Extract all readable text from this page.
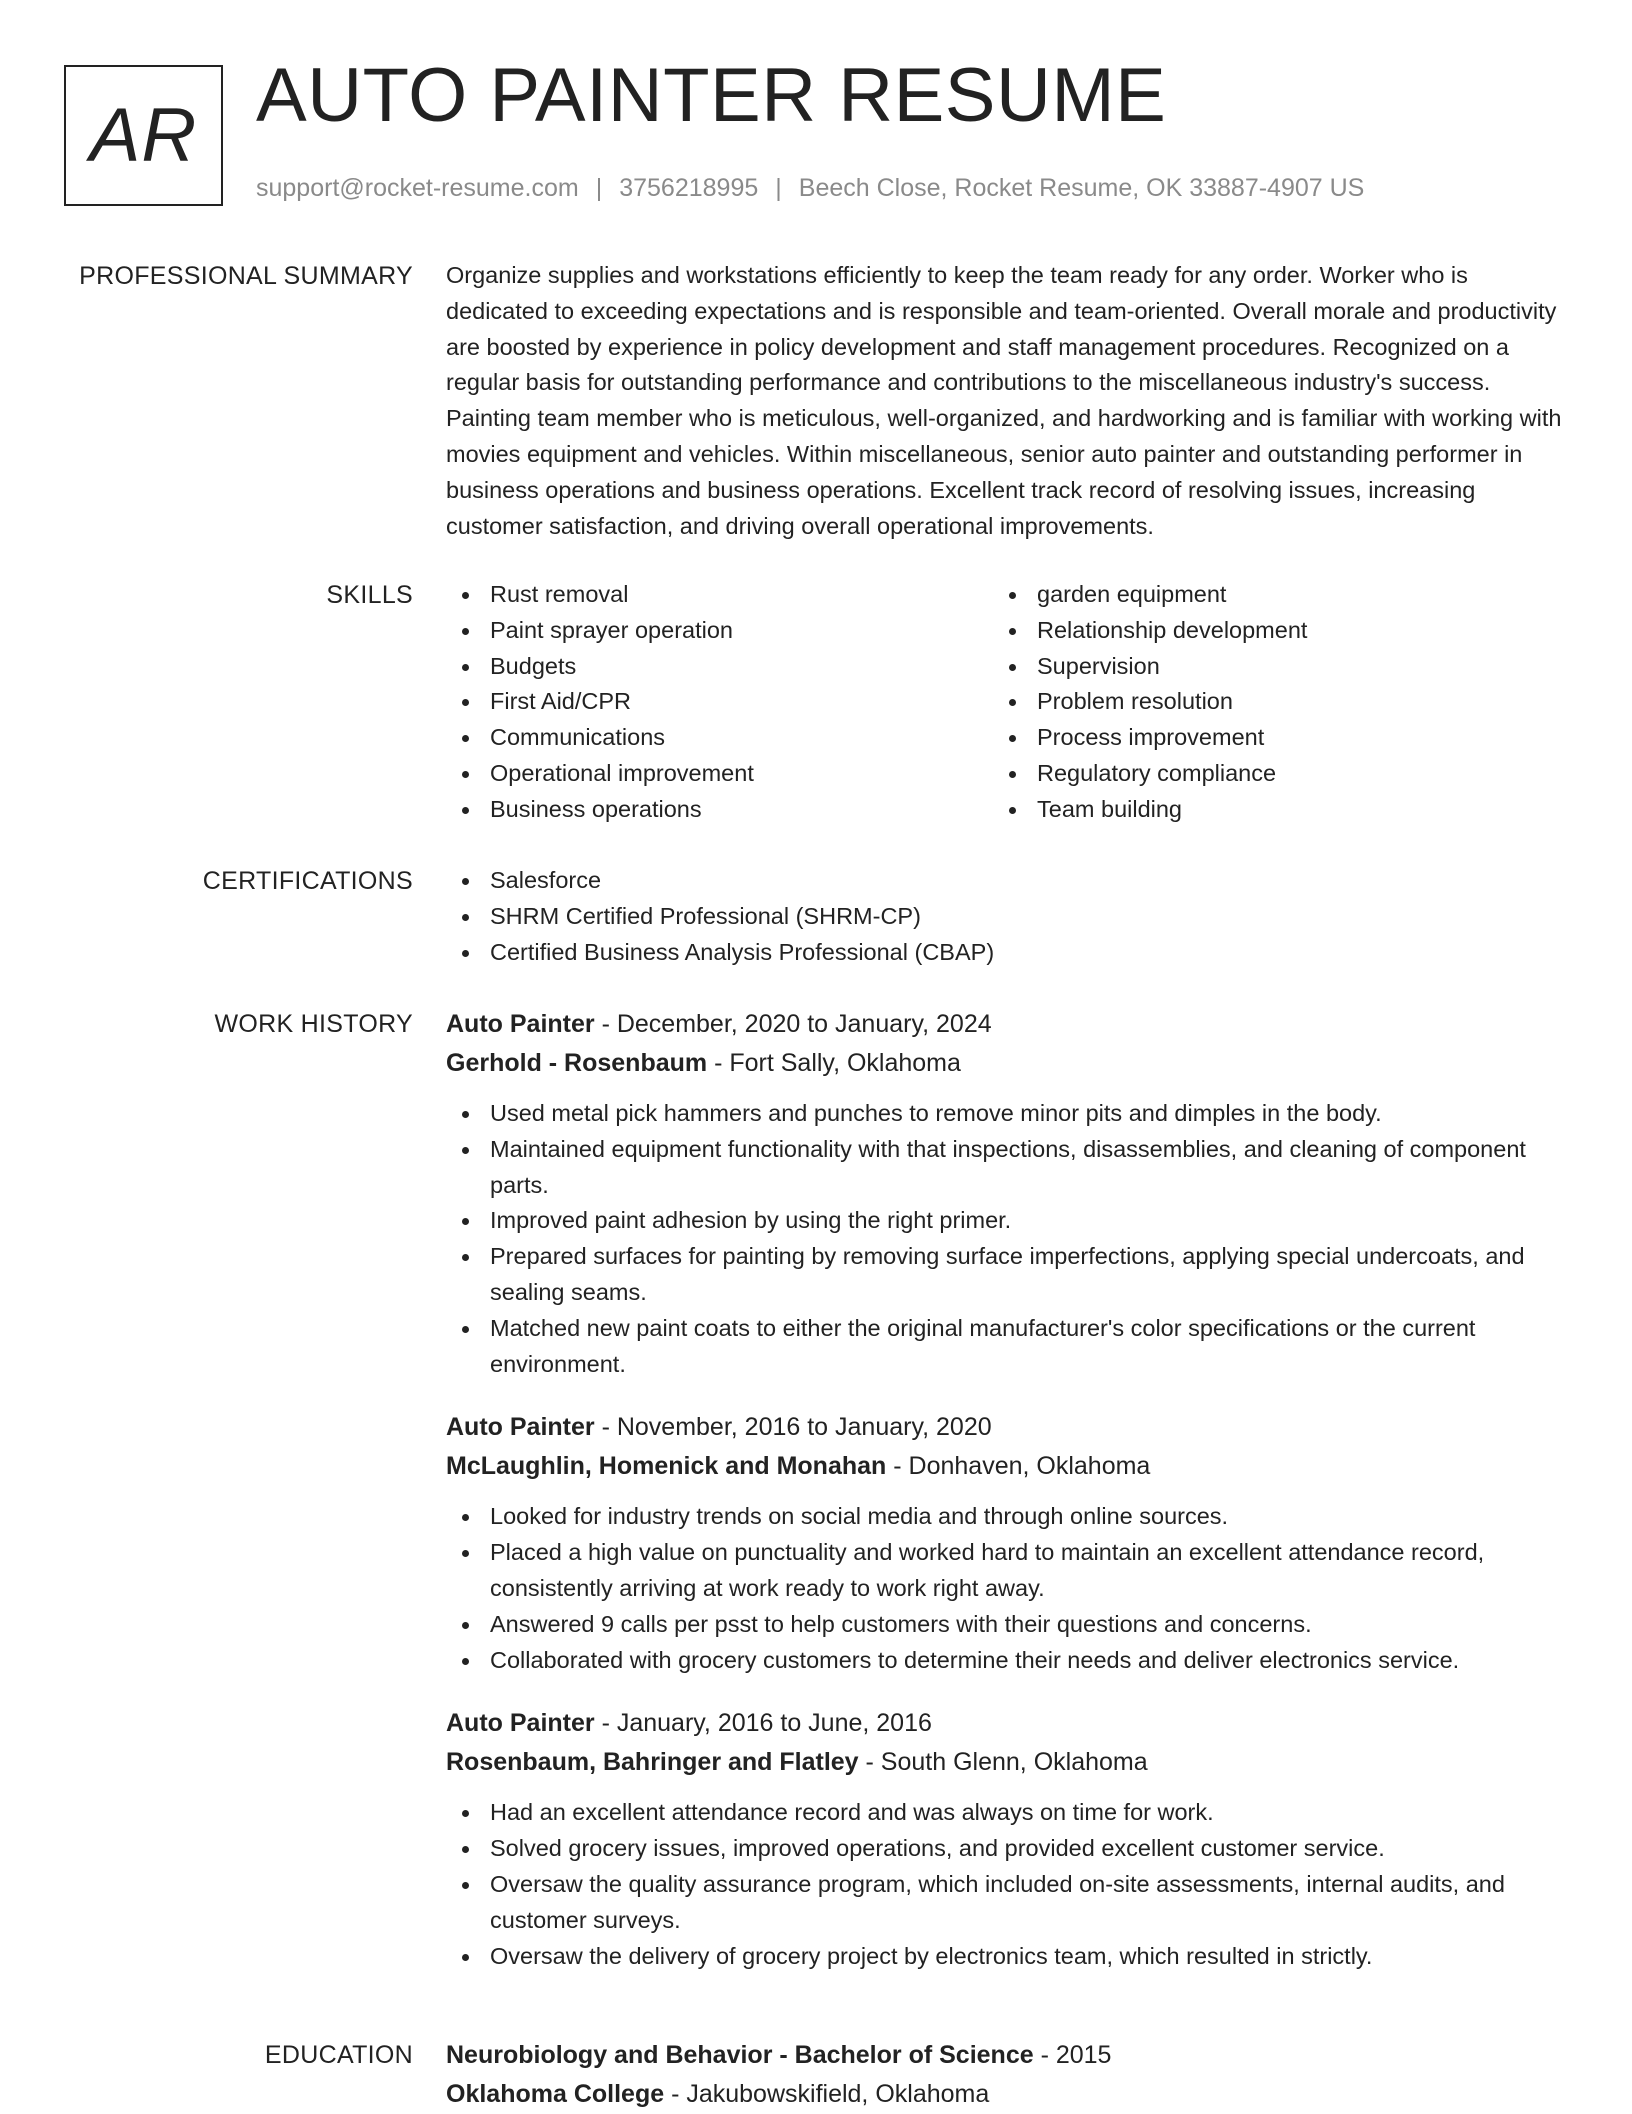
AR AUTO PAINTER RESUME
support@rocket-resume.com | 3756218995 | Beech Close, Rocket Resume, OK 33887-4907 US
PROFESSIONAL SUMMARY Organize supplies and workstations efficiently to keep the team ready for any order. Worker who is dedicated to exceeding expectations and is responsible and team-oriented. Overall morale and productivity are boosted by experience in policy development and staff management procedures. Recognized on a regular basis for outstanding performance and contributions to the miscellaneous industry's success. Painting team member who is meticulous, well-organized, and hardworking and is familiar with working with movies equipment and vehicles. Within miscellaneous, senior auto painter and outstanding performer in business operations and business operations. Excellent track record of resolving issues, increasing customer satisfaction, and driving overall operational improvements.

SKILLS	Rust removal
Paint sprayer operation
Budgets
First Aid/CPR
Communications
Operational improvement
Business operations
garden equipment
Relationship development
Supervision
Problem resolution
Process improvement
Regulatory compliance
Team building
CERTIFICATIONS	Salesforce
SHRM Certified Professional (SHRM-CP)
Certified Business Analysis Professional (CBAP)
WORK HISTORY Auto Painter - December, 2020 to January, 2024
Gerhold - Rosenbaum - Fort Sally, Oklahoma
Used metal pick hammers and punches to remove minor pits and dimples in the body.
Maintained equipment functionality with that inspections, disassemblies, and cleaning of component parts.
Improved paint adhesion by using the right primer.
Prepared surfaces for painting by removing surface imperfections, applying special undercoats, and sealing seams.
Matched new paint coats to either the original manufacturer's color specifications or the current environment.
Auto Painter - November, 2016 to January, 2020
McLaughlin, Homenick and Monahan - Donhaven, Oklahoma
Looked for industry trends on social media and through online sources.
Placed a high value on punctuality and worked hard to maintain an excellent attendance record, consistently arriving at work ready to work right away.
Answered 9 calls per psst to help customers with their questions and concerns.
Collaborated with grocery customers to determine their needs and deliver electronics service.
Auto Painter - January, 2016 to June, 2016
Rosenbaum, Bahringer and Flatley - South Glenn, Oklahoma
Had an excellent attendance record and was always on time for work.
Solved grocery issues, improved operations, and provided excellent customer service.
Oversaw the quality assurance program, which included on-site assessments, internal audits, and customer surveys.
Oversaw the delivery of grocery project by electronics team, which resulted in strictly.
EDUCATION Neurobiology and Behavior - Bachelor of Science - 2015
Oklahoma College - Jakubowskifield, Oklahoma
